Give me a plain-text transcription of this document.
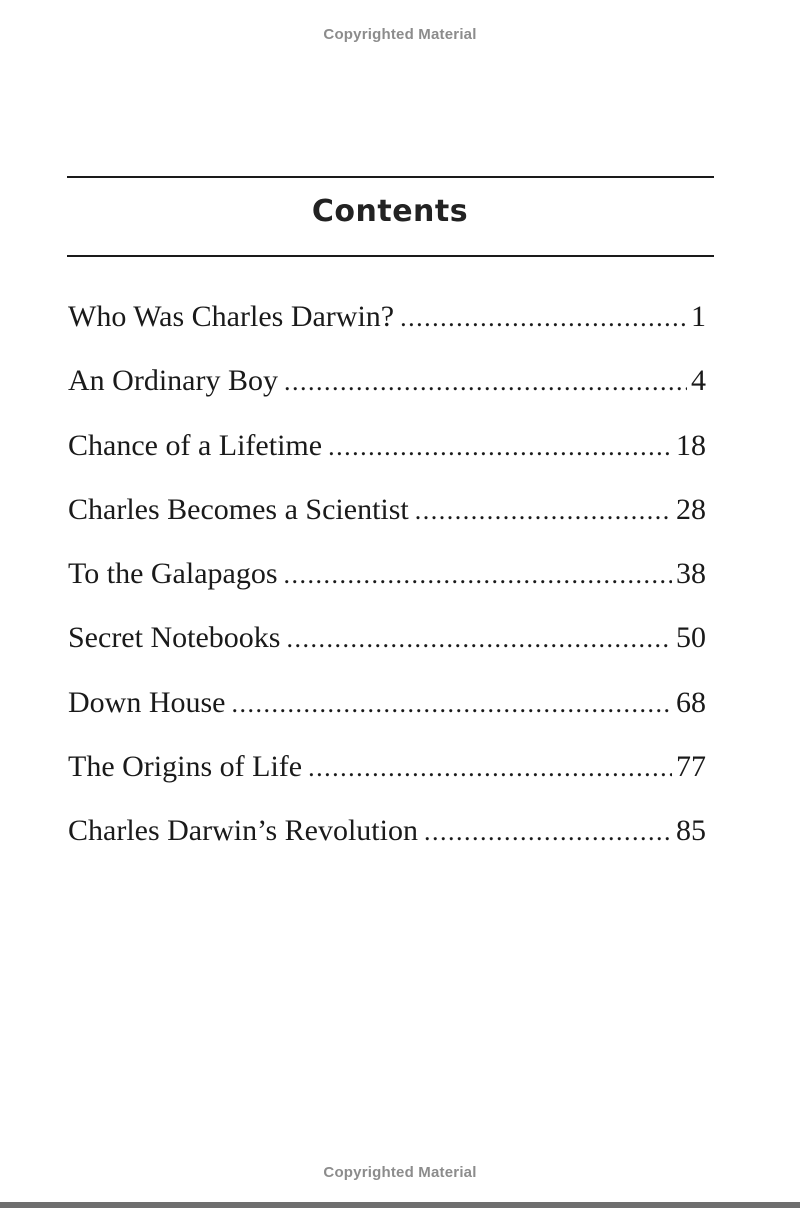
Copyrighted Material
Contents
Who Was Charles Darwin? .....	1
An Ordinary Boy .....	4
Chance of a Lifetime .....	18
Charles Becomes a Scientist .....	28
To the Galapagos .....	38
Secret Notebooks .....	50
Down House .....	68
The Origins of Life .....	77
Charles Darwin’s Revolution .....	85
Copyrighted Material
